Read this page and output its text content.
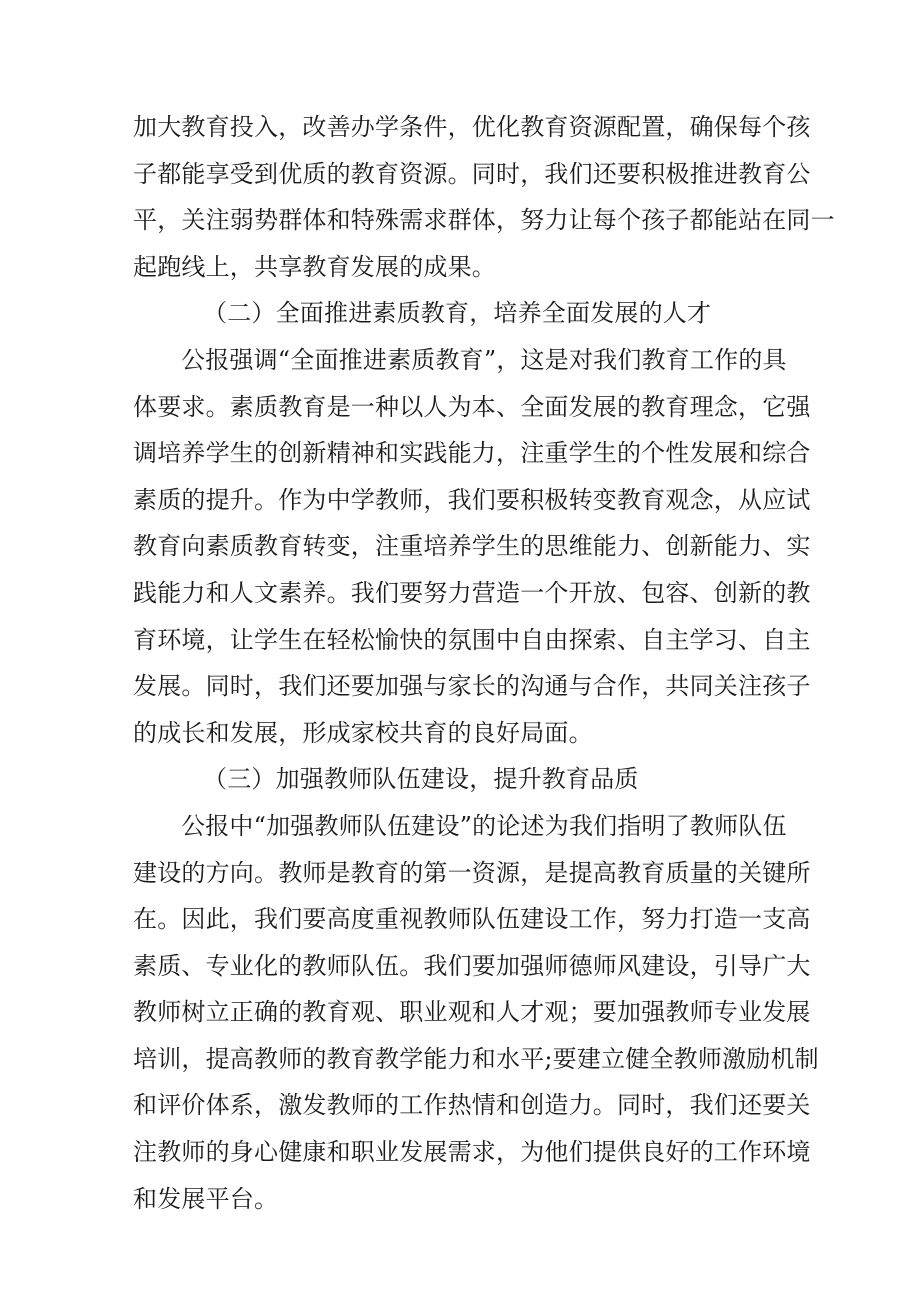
加大教育投入，改善办学条件，优化教育资源配置，确保每个孩
子都能享受到优质的教育资源。同时，我们还要积极推进教育公
平，关注弱势群体和特殊需求群体，努力让每个孩子都能站在同一
起跑线上，共享教育发展的成果。
（二）全面推进素质教育，培养全面发展的人才
公报强调“全面推进素质教育”，这是对我们教育工作的具
体要求。素质教育是一种以人为本、全面发展的教育理念，它强
调培养学生的创新精神和实践能力，注重学生的个性发展和综合
素质的提升。作为中学教师，我们要积极转变教育观念，从应试
教育向素质教育转变，注重培养学生的思维能力、创新能力、实
践能力和人文素养。我们要努力营造一个开放、包容、创新的教
育环境，让学生在轻松愉快的氛围中自由探索、自主学习、自主
发展。同时，我们还要加强与家长的沟通与合作，共同关注孩子
的成长和发展，形成家校共育的良好局面。
（三）加强教师队伍建设，提升教育品质
公报中“加强教师队伍建设”的论述为我们指明了教师队伍
建设的方向。教师是教育的第一资源，是提高教育质量的关键所
在。因此，我们要高度重视教师队伍建设工作，努力打造一支高
素质、专业化的教师队伍。我们要加强师德师风建设，引导广大
教师树立正确的教育观、职业观和人才观；要加强教师专业发展
培训，提高教师的教育教学能力和水平;要建立健全教师激励机制
和评价体系，激发教师的工作热情和创造力。同时，我们还要关
注教师的身心健康和职业发展需求，为他们提供良好的工作环境
和发展平台。
